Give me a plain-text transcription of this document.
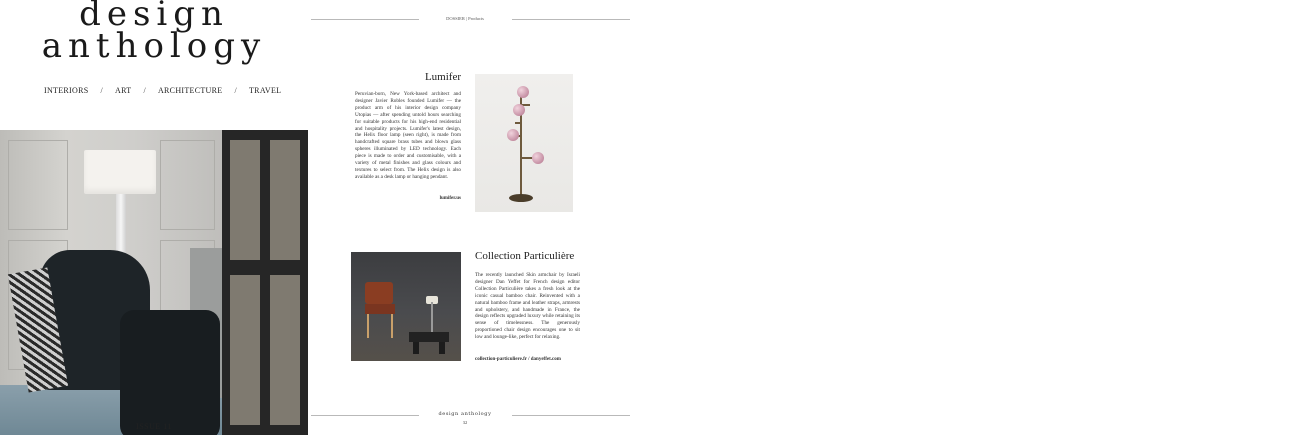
design
anthology
INTERIORS	/	ART	/	ARCHITECTURE	/	TRAVEL
ISSUE 11
DOSSIER | Products
Lumifer

Peruvian-born, New York-based architect and designer Javier Robles founded Lumifer — the product arm of his interior design company Utopias — after spending untold hours searching for suitable products for his high-end residential and hospitality projects. Lumifer's latest design, the Helix floor lamp (seen right), is made from handcrafted square brass tubes and blown glass spheres illuminated by LED technology. Each piece is made to order and customisable, with a variety of metal finishes and glass colours and textures to select from. The Helix design is also available as a desk lamp or hanging pendant.

lumifer.us
Collection Particulière

The recently launched Skin armchair by Israeli designer Dan Yeffet for French design editor Collection Particulière takes a fresh look at the iconic casual bamboo chair. Reinvented with a natural bamboo frame and leather straps, armrests and upholstery, and handmade in France, the design reflects upgraded luxury while retaining its sense of timelessness. The generously proportioned chair design encourages one to sit low and lounge-like, perfect for relaxing.

collection-particuliere.fr / danyeffet.com
design anthology
32
